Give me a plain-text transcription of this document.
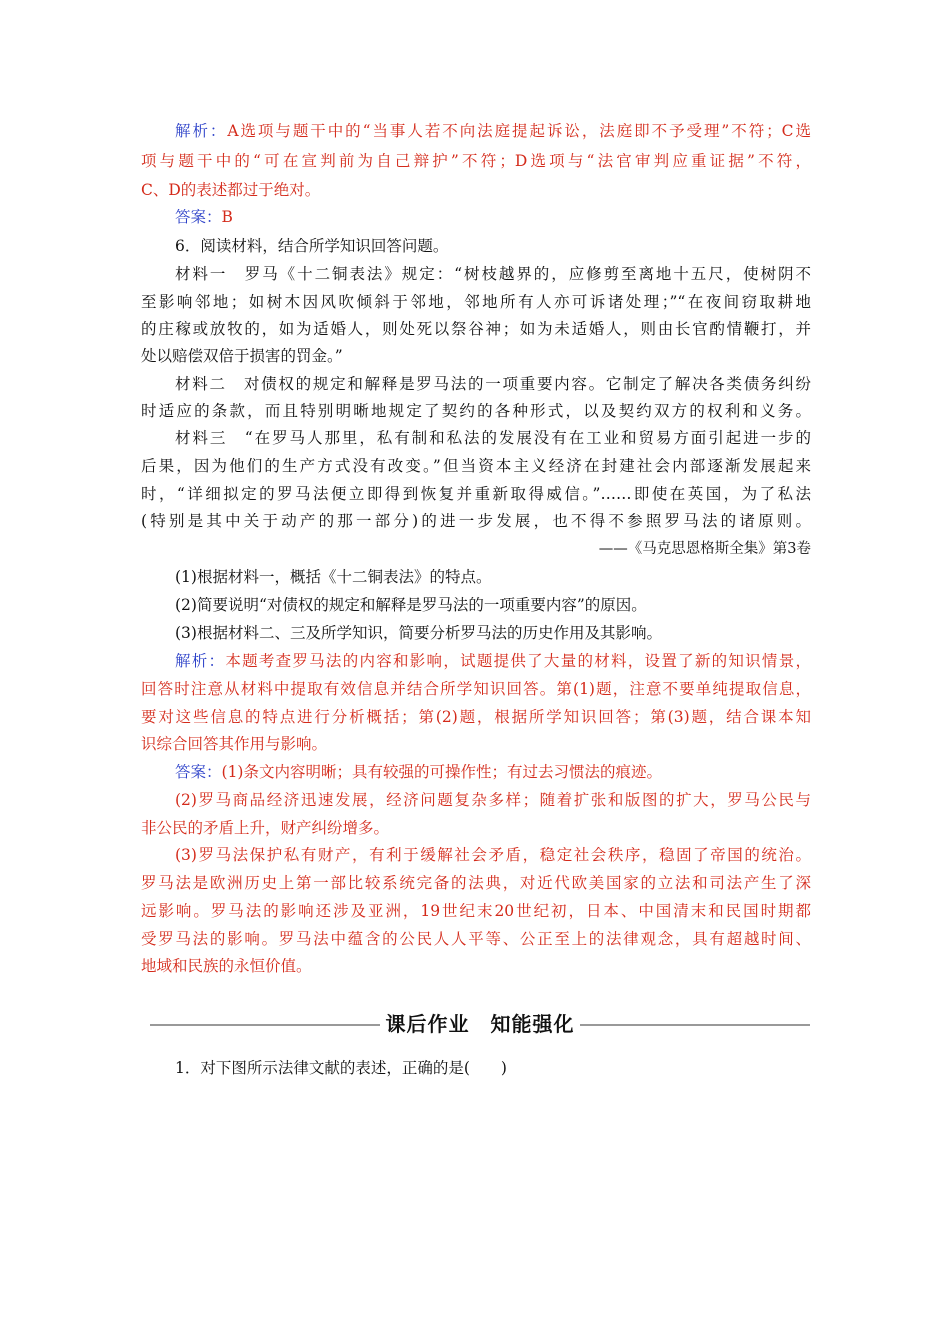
解析：A选项与题干中的“当事人若不向法庭提起诉讼，法庭即不予受理”不符；C选
项与题干中的“可在宣判前为自己辩护”不符；D选项与“法官审判应重证据”不符，
C、D的表述都过于绝对。
答案：B
6．阅读材料，结合所学知识回答问题。
材料一　罗马《十二铜表法》规定：“树枝越界的，应修剪至离地十五尺，使树阴不
至影响邻地；如树木因风吹倾斜于邻地，邻地所有人亦可诉诸处理；”“在夜间窃取耕地
的庄稼或放牧的，如为适婚人，则处死以祭谷神；如为未适婚人，则由长官酌情鞭打，并
处以赔偿双倍于损害的罚金。”
材料二　对债权的规定和解释是罗马法的一项重要内容。它制定了解决各类债务纠纷
时适应的条款，而且特别明晰地规定了契约的各种形式，以及契约双方的权利和义务。
材料三　“在罗马人那里，私有制和私法的发展没有在工业和贸易方面引起进一步的
后果，因为他们的生产方式没有改变。”但当资本主义经济在封建社会内部逐渐发展起来
时，“详细拟定的罗马法便立即得到恢复并重新取得威信。”……即使在英国，为了私法
(特别是其中关于动产的那一部分)的进一步发展，也不得不参照罗马法的诸原则。
——《马克思恩格斯全集》第3卷
(1)根据材料一，概括《十二铜表法》的特点。
(2)简要说明“对债权的规定和解释是罗马法的一项重要内容”的原因。
(3)根据材料二、三及所学知识，简要分析罗马法的历史作用及其影响。
解析：本题考查罗马法的内容和影响，试题提供了大量的材料，设置了新的知识情景，
回答时注意从材料中提取有效信息并结合所学知识回答。第(1)题，注意不要单纯提取信息，
要对这些信息的特点进行分析概括；第(2)题，根据所学知识回答；第(3)题，结合课本知
识综合回答其作用与影响。
答案：(1)条文内容明晰；具有较强的可操作性；有过去习惯法的痕迹。
(2)罗马商品经济迅速发展，经济问题复杂多样；随着扩张和版图的扩大，罗马公民与
非公民的矛盾上升，财产纠纷增多。
(3)罗马法保护私有财产，有利于缓解社会矛盾，稳定社会秩序，稳固了帝国的统治。
罗马法是欧洲历史上第一部比较系统完备的法典，对近代欧美国家的立法和司法产生了深
远影响。罗马法的影响还涉及亚洲，19世纪末20世纪初，日本、中国清末和民国时期都
受罗马法的影响。罗马法中蕴含的公民人人平等、公正至上的法律观念，具有超越时间、
地域和民族的永恒价值。
课后作业　知能强化
1．对下图所示法律文献的表述，正确的是(　　)
